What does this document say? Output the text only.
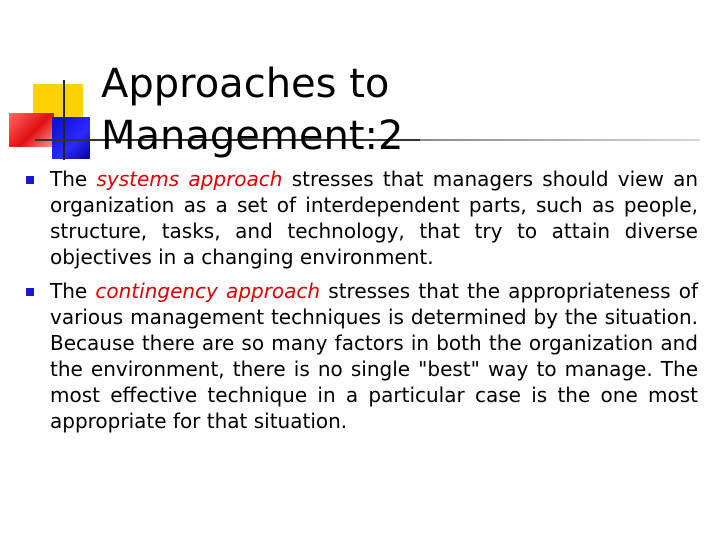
Approaches to
Management:2

The systems approach stresses that managers should view an organization as a set of interdependent parts, such as people, structure, tasks, and technology, that try to attain diverse objectives in a changing environment.

The contingency approach stresses that the appropriateness of various management techniques is determined by the situation. Because there are so many factors in both the organization and the environment, there is no single "best" way to manage. The most effective technique in a particular case is the one most appropriate for that situation.
